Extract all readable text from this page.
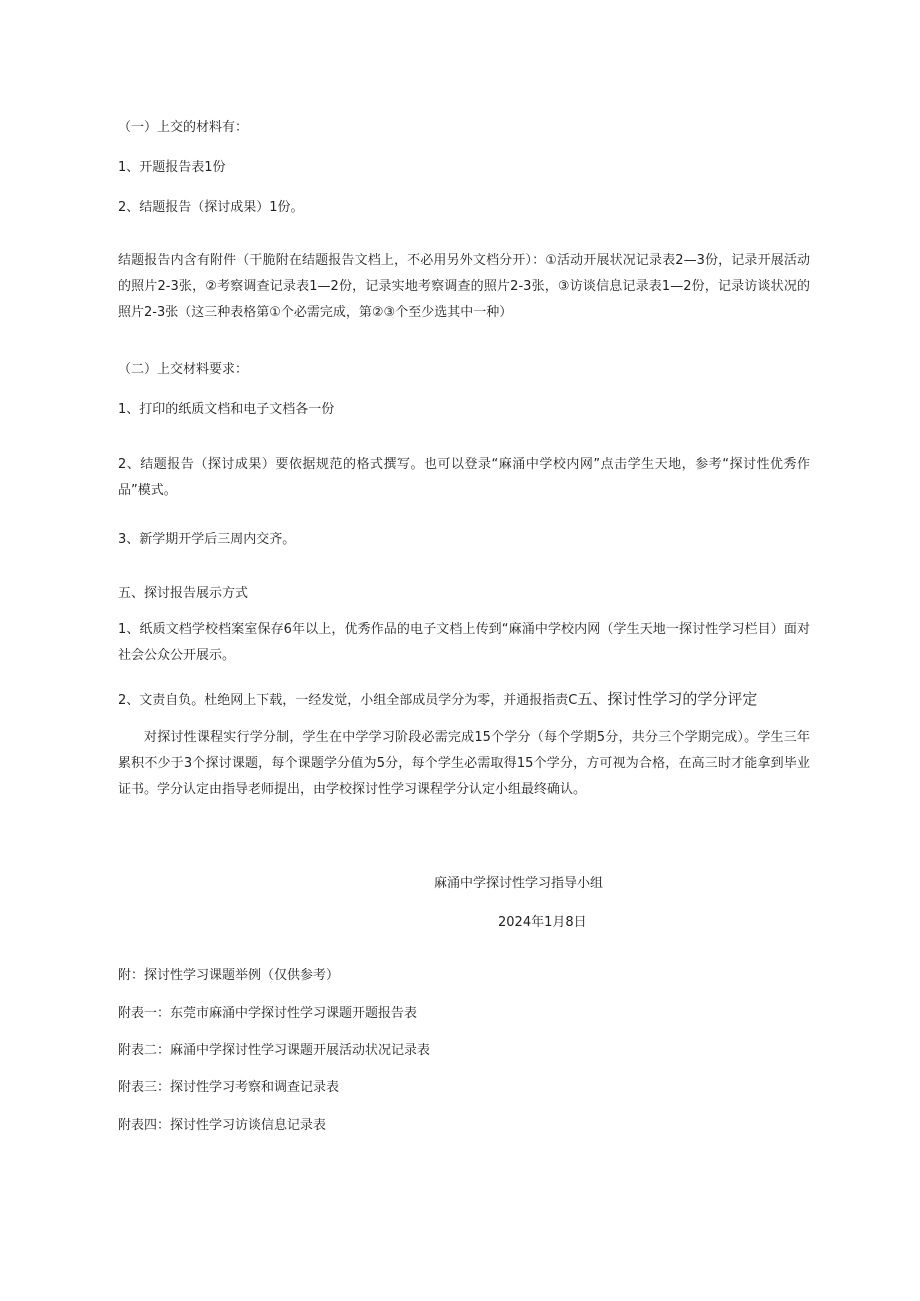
（一）上交的材料有：
1、开题报告表1份
2、结题报告（探讨成果）1份。
结题报告内含有附件（干脆附在结题报告文档上，不必用另外文档分开）：①活动开展状况记录表2—3份，记录开展活动的照片2-3张，②考察调查记录表1—2份，记录实地考察调查的照片2-3张，③访谈信息记录表1—2份，记录访谈状况的照片2-3张（这三种表格第①个必需完成，第②③个至少选其中一种）
（二）上交材料要求：
1、打印的纸质文档和电子文档各一份
2、结题报告（探讨成果）要依据规范的格式撰写。也可以登录“麻涌中学校内网”点击学生天地，参考“探讨性优秀作品”模式。
3、新学期开学后三周内交齐。
五、探讨报告展示方式
1、纸质文档学校档案室保存6年以上，优秀作品的电子文档上传到“麻涌中学校内网（学生天地一探讨性学习栏目）面对社会公众公开展示。
2、文责自负。杜绝网上下载，一经发觉，小组全部成员学分为零，并通报指责C五、探讨性学习的学分评定
对探讨性课程实行学分制，学生在中学学习阶段必需完成15个学分（每个学期5分，共分三个学期完成）。学生三年累积不少于3个探讨课题，每个课题学分值为5分，每个学生必需取得15个学分，方可视为合格，在高三时才能拿到毕业证书。学分认定由指导老师提出，由学校探讨性学习课程学分认定小组最终确认。
麻涌中学探讨性学习指导小组
2024年1月8日
附：探讨性学习课题举例（仅供参考）
附表一：东莞市麻涌中学探讨性学习课题开题报告表
附表二：麻涌中学探讨性学习课题开展活动状况记录表
附表三：探讨性学习考察和调查记录表
附表四：探讨性学习访谈信息记录表
